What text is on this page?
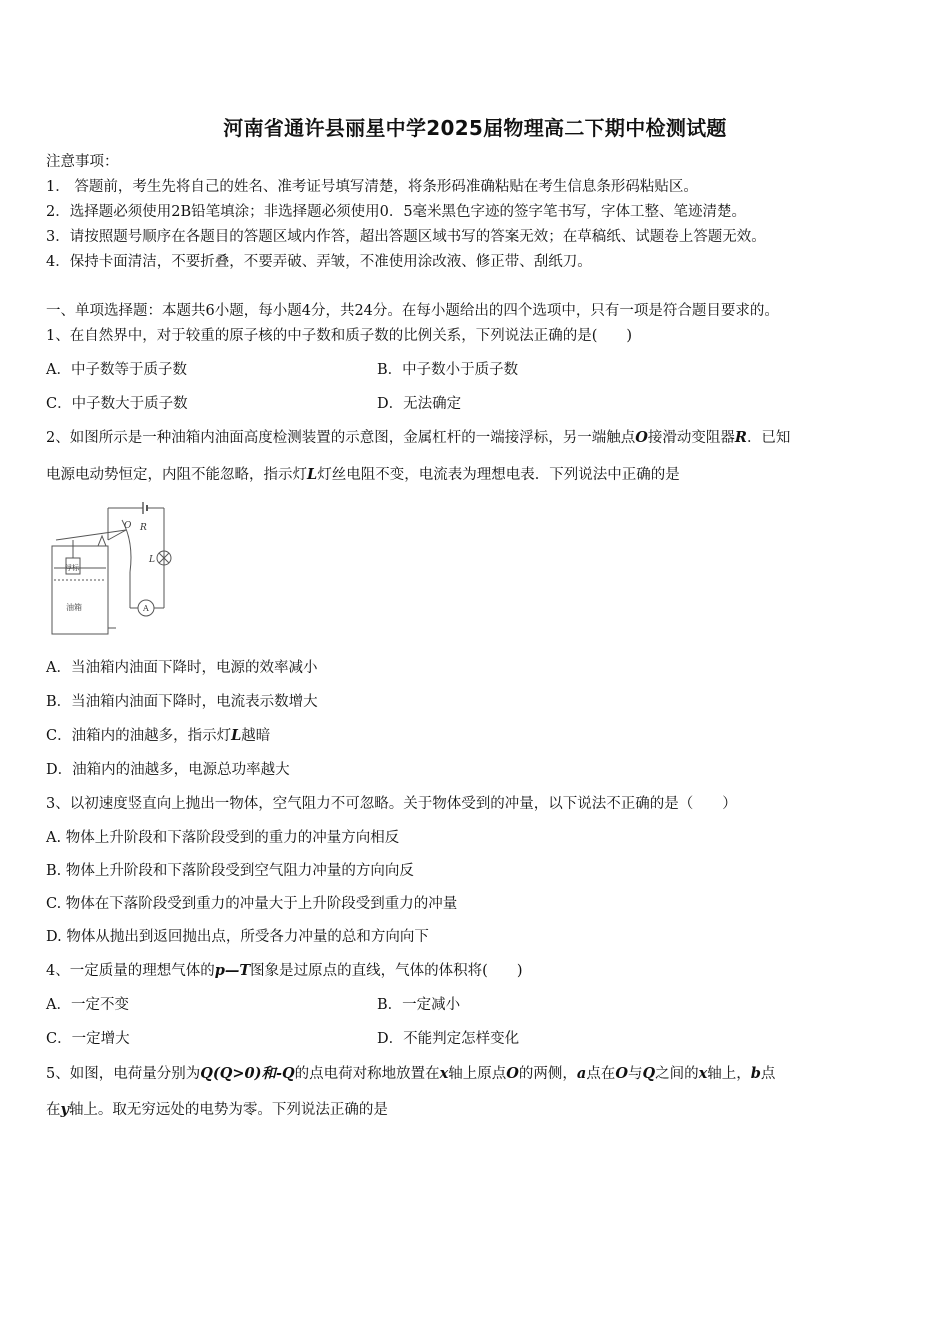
河南省通许县丽星中学2025届物理高二下期中检测试题
注意事项：
1． 答题前，考生先将自己的姓名、准考证号填写清楚，将条形码准确粘贴在考生信息条形码粘贴区。
2．选择题必须使用2B铅笔填涂；非选择题必须使用0．5毫米黑色字迹的签字笔书写，字体工整、笔迹清楚。
3．请按照题号顺序在各题目的答题区域内作答，超出答题区域书写的答案无效；在草稿纸、试题卷上答题无效。
4．保持卡面清洁，不要折叠，不要弄破、弄皱，不准使用涂改液、修正带、刮纸刀。
一、单项选择题：本题共6小题，每小题4分，共24分。在每小题给出的四个选项中，只有一项是符合题目要求的。
1、在自然界中，对于较重的原子核的中子数和质子数的比例关系，下列说法正确的是(　　)
A．中子数等于质子数	B．中子数小于质子数
C．中子数大于质子数	D．无法确定
2、如图所示是一种油箱内油面高度检测装置的示意图，金属杠杆的一端接浮标，另一端触点O接滑动变阻器R．已知
电源电动势恒定，内阻不能忽略，指示灯L灯丝电阻不变，电流表为理想电表．下列说法中正确的是
浮标
油箱
R
O
L
A
A．当油箱内油面下降时，电源的效率减小
B．当油箱内油面下降时，电流表示数增大
C．油箱内的油越多，指示灯L越暗
D．油箱内的油越多，电源总功率越大
3、以初速度竖直向上抛出一物体，空气阻力不可忽略。关于物体受到的冲量，以下说法不正确的是（　　）
A. 物体上升阶段和下落阶段受到的重力的冲量方向相反
B. 物体上升阶段和下落阶段受到空气阻力冲量的方向向反
C. 物体在下落阶段受到重力的冲量大于上升阶段受到重力的冲量
D. 物体从抛出到返回抛出点，所受各力冲量的总和方向向下
4、一定质量的理想气体的p—T图象是过原点的直线，气体的体积将(　　)
A．一定不变	B．一定减小
C．一定增大	D．不能判定怎样变化
5、如图，电荷量分别为Q(Q>0)和-Q的点电荷对称地放置在x轴上原点O的两侧，a点在O与Q之间的x轴上，b点
在y轴上。取无穷远处的电势为零。下列说法正确的是
